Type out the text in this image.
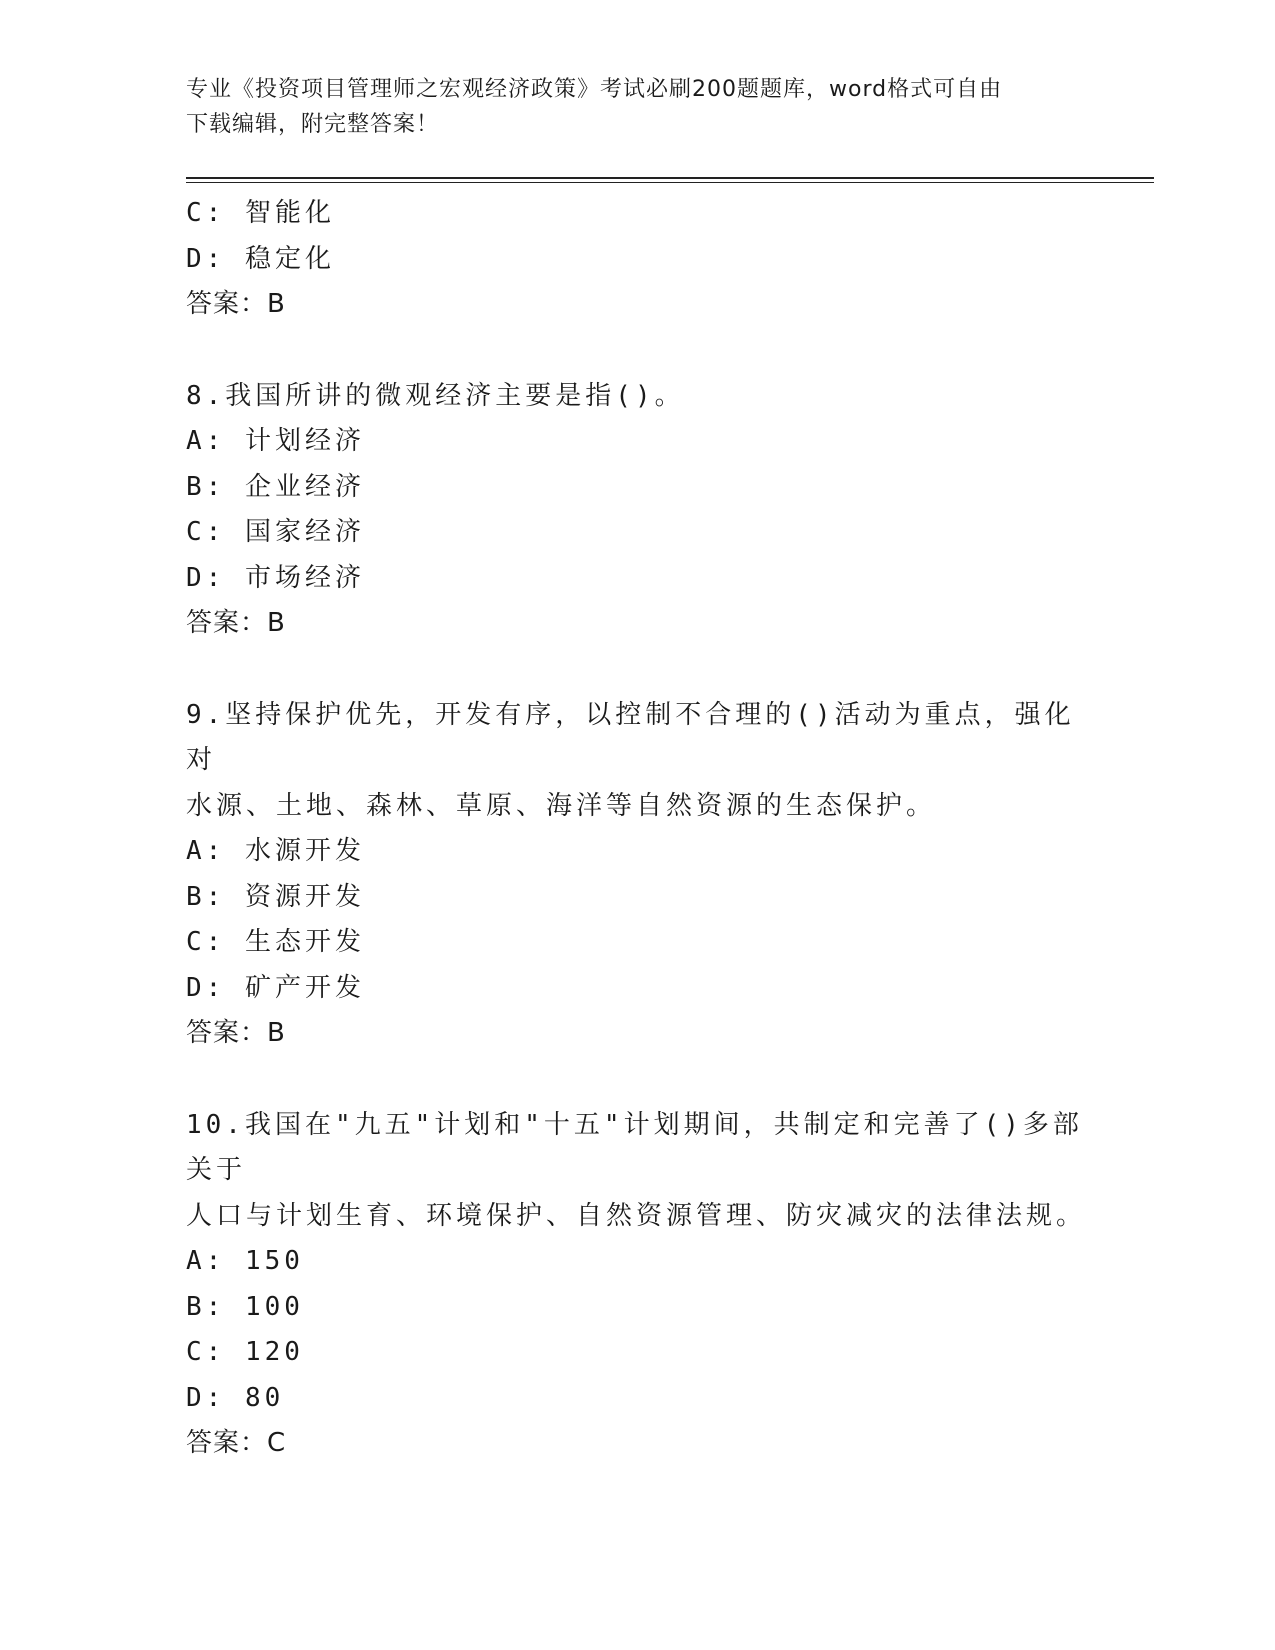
专业《投资项目管理师之宏观经济政策》考试必刷200题题库，word格式可自由
下载编辑，附完整答案！
C: 智能化
D: 稳定化
答案：B
8.我国所讲的微观经济主要是指()。
A: 计划经济
B: 企业经济
C: 国家经济
D: 市场经济
答案：B
9.坚持保护优先，开发有序，以控制不合理的()活动为重点，强化对
水源、土地、森林、草原、海洋等自然资源的生态保护。
A: 水源开发
B: 资源开发
C: 生态开发
D: 矿产开发
答案：B
10.我国在"九五"计划和"十五"计划期间，共制定和完善了()多部关于
人口与计划生育、环境保护、自然资源管理、防灾减灾的法律法规。
A: 150
B: 100
C: 120
D: 80
答案：C
